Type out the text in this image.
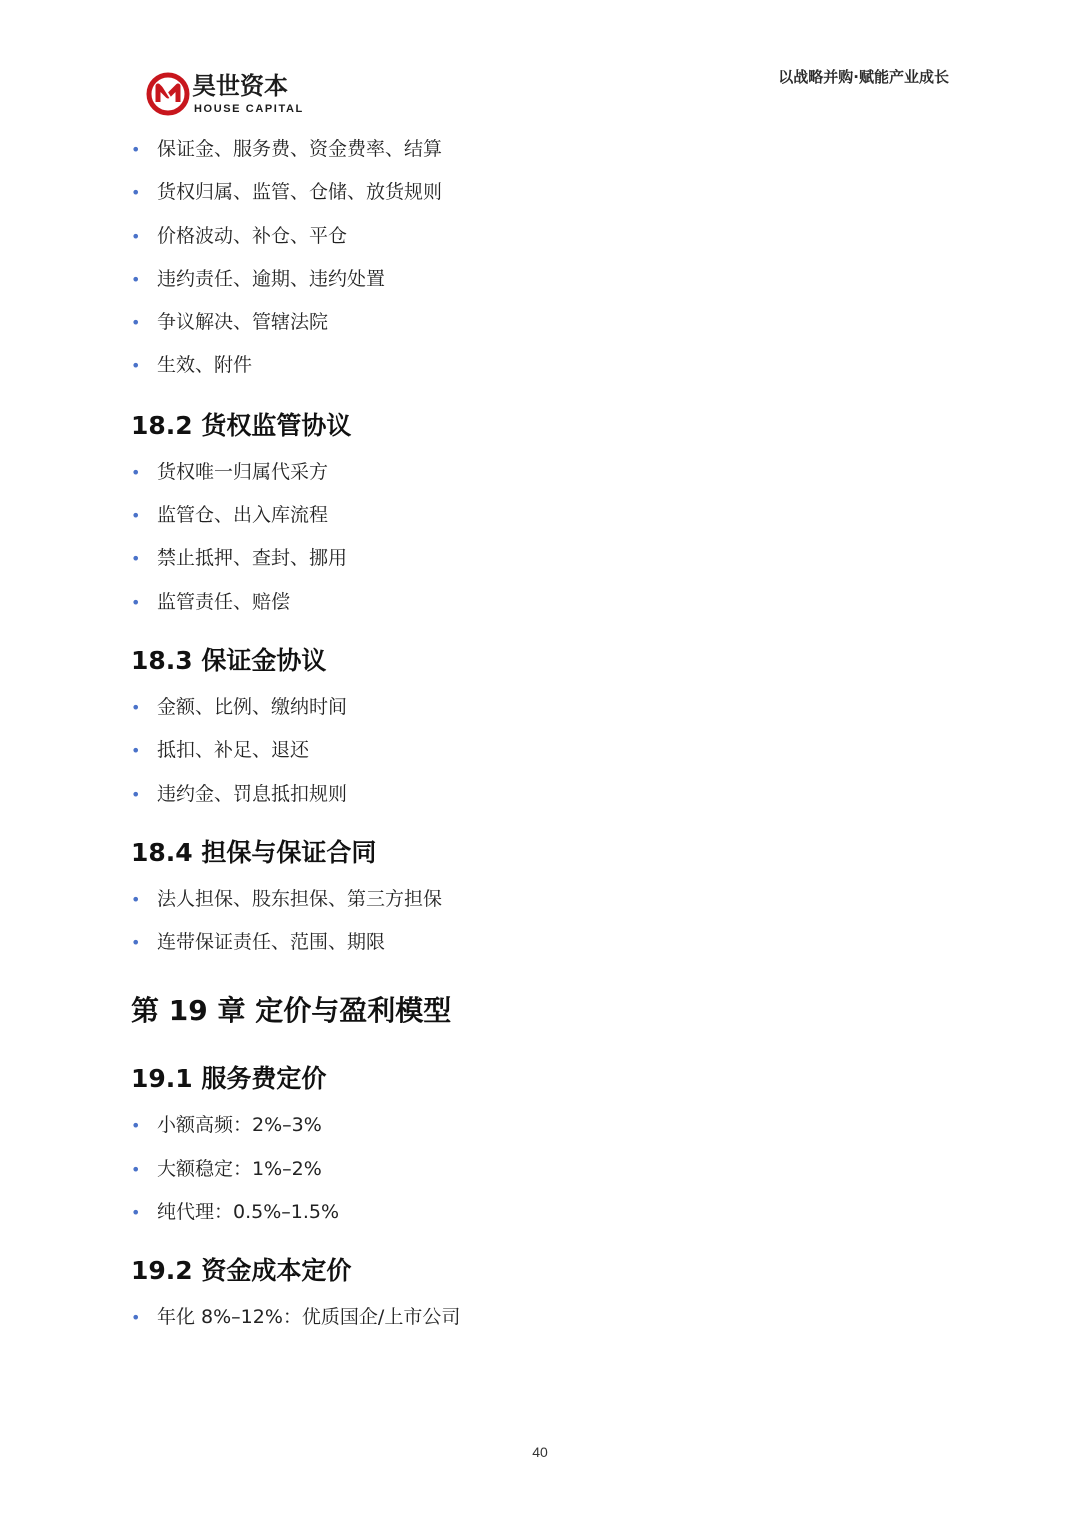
昊世资本
HOUSE CAPITAL
以战略并购·赋能产业成长
• 保证金、服务费、资金费率、结算
• 货权归属、监管、仓储、放货规则
• 价格波动、补仓、平仓
• 违约责任、逾期、违约处置
• 争议解决、管辖法院
• 生效、附件
18.2 货权监管协议
• 货权唯一归属代采方
• 监管仓、出入库流程
• 禁止抵押、查封、挪用
• 监管责任、赔偿
18.3 保证金协议
• 金额、比例、缴纳时间
• 抵扣、补足、退还
• 违约金、罚息抵扣规则
18.4 担保与保证合同
• 法人担保、股东担保、第三方担保
• 连带保证责任、范围、期限
第 19 章 定价与盈利模型
19.1 服务费定价
• 小额高频：2%–3%
• 大额稳定：1%–2%
• 纯代理：0.5%–1.5%
19.2 资金成本定价
• 年化 8%–12%：优质国企/上市公司
40
